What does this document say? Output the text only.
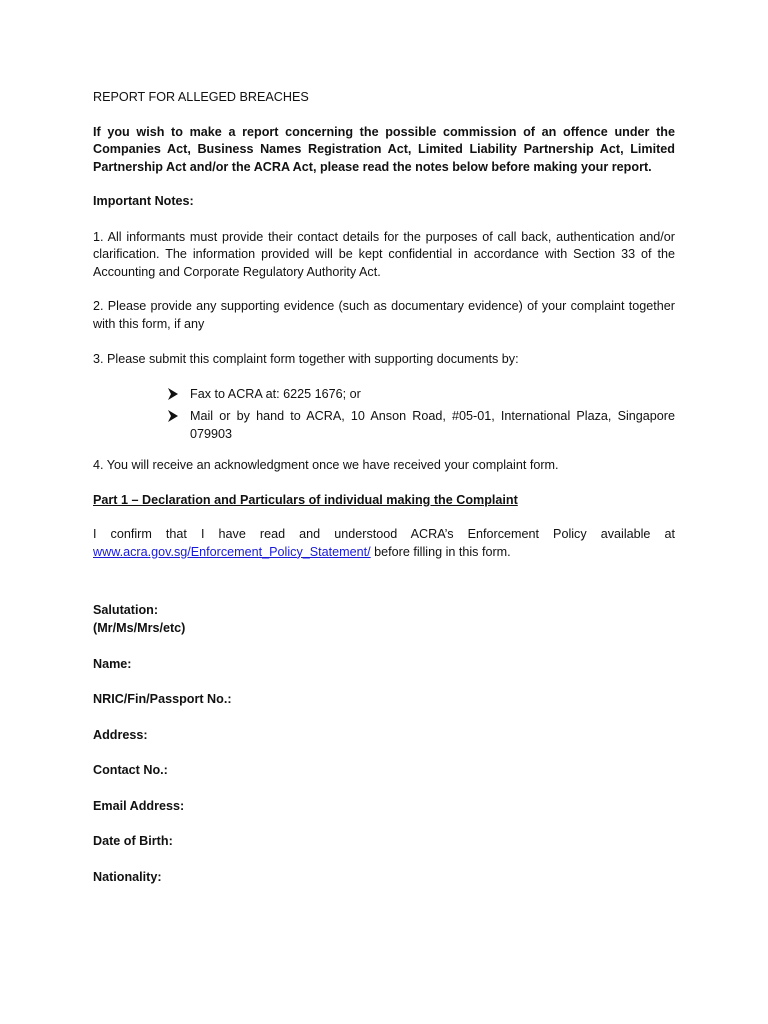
REPORT FOR ALLEGED BREACHES

If you wish to make a report concerning the possible commission of an offence under the Companies Act, Business Names Registration Act, Limited Liability Partnership Act, Limited Partnership Act and/or the ACRA Act, please read the notes below before making your report.

Important Notes:

1. All informants must provide their contact details for the purposes of call back, authentication and/or clarification. The information provided will be kept confidential in accordance with Section 33 of the Accounting and Corporate Regulatory Authority Act.

2. Please provide any supporting evidence (such as documentary evidence) of your complaint together with this form, if any

3. Please submit this complaint form together with supporting documents by:

Fax to ACRA at: 6225 1676; or
Mail or by hand to ACRA, 10 Anson Road, #05-01, International Plaza, Singapore 079903

4. You will receive an acknowledgment once we have received your complaint form.

Part 1 – Declaration and Particulars of individual making the Complaint

I confirm that I have read and understood ACRA’s Enforcement Policy available at www.acra.gov.sg/Enforcement_Policy_Statement/ before filling in this form.

Salutation:

(Mr/Ms/Mrs/etc)

Name:

NRIC/Fin/Passport No.:

Address:

Contact No.:

Email Address:

Date of Birth:

Nationality:
